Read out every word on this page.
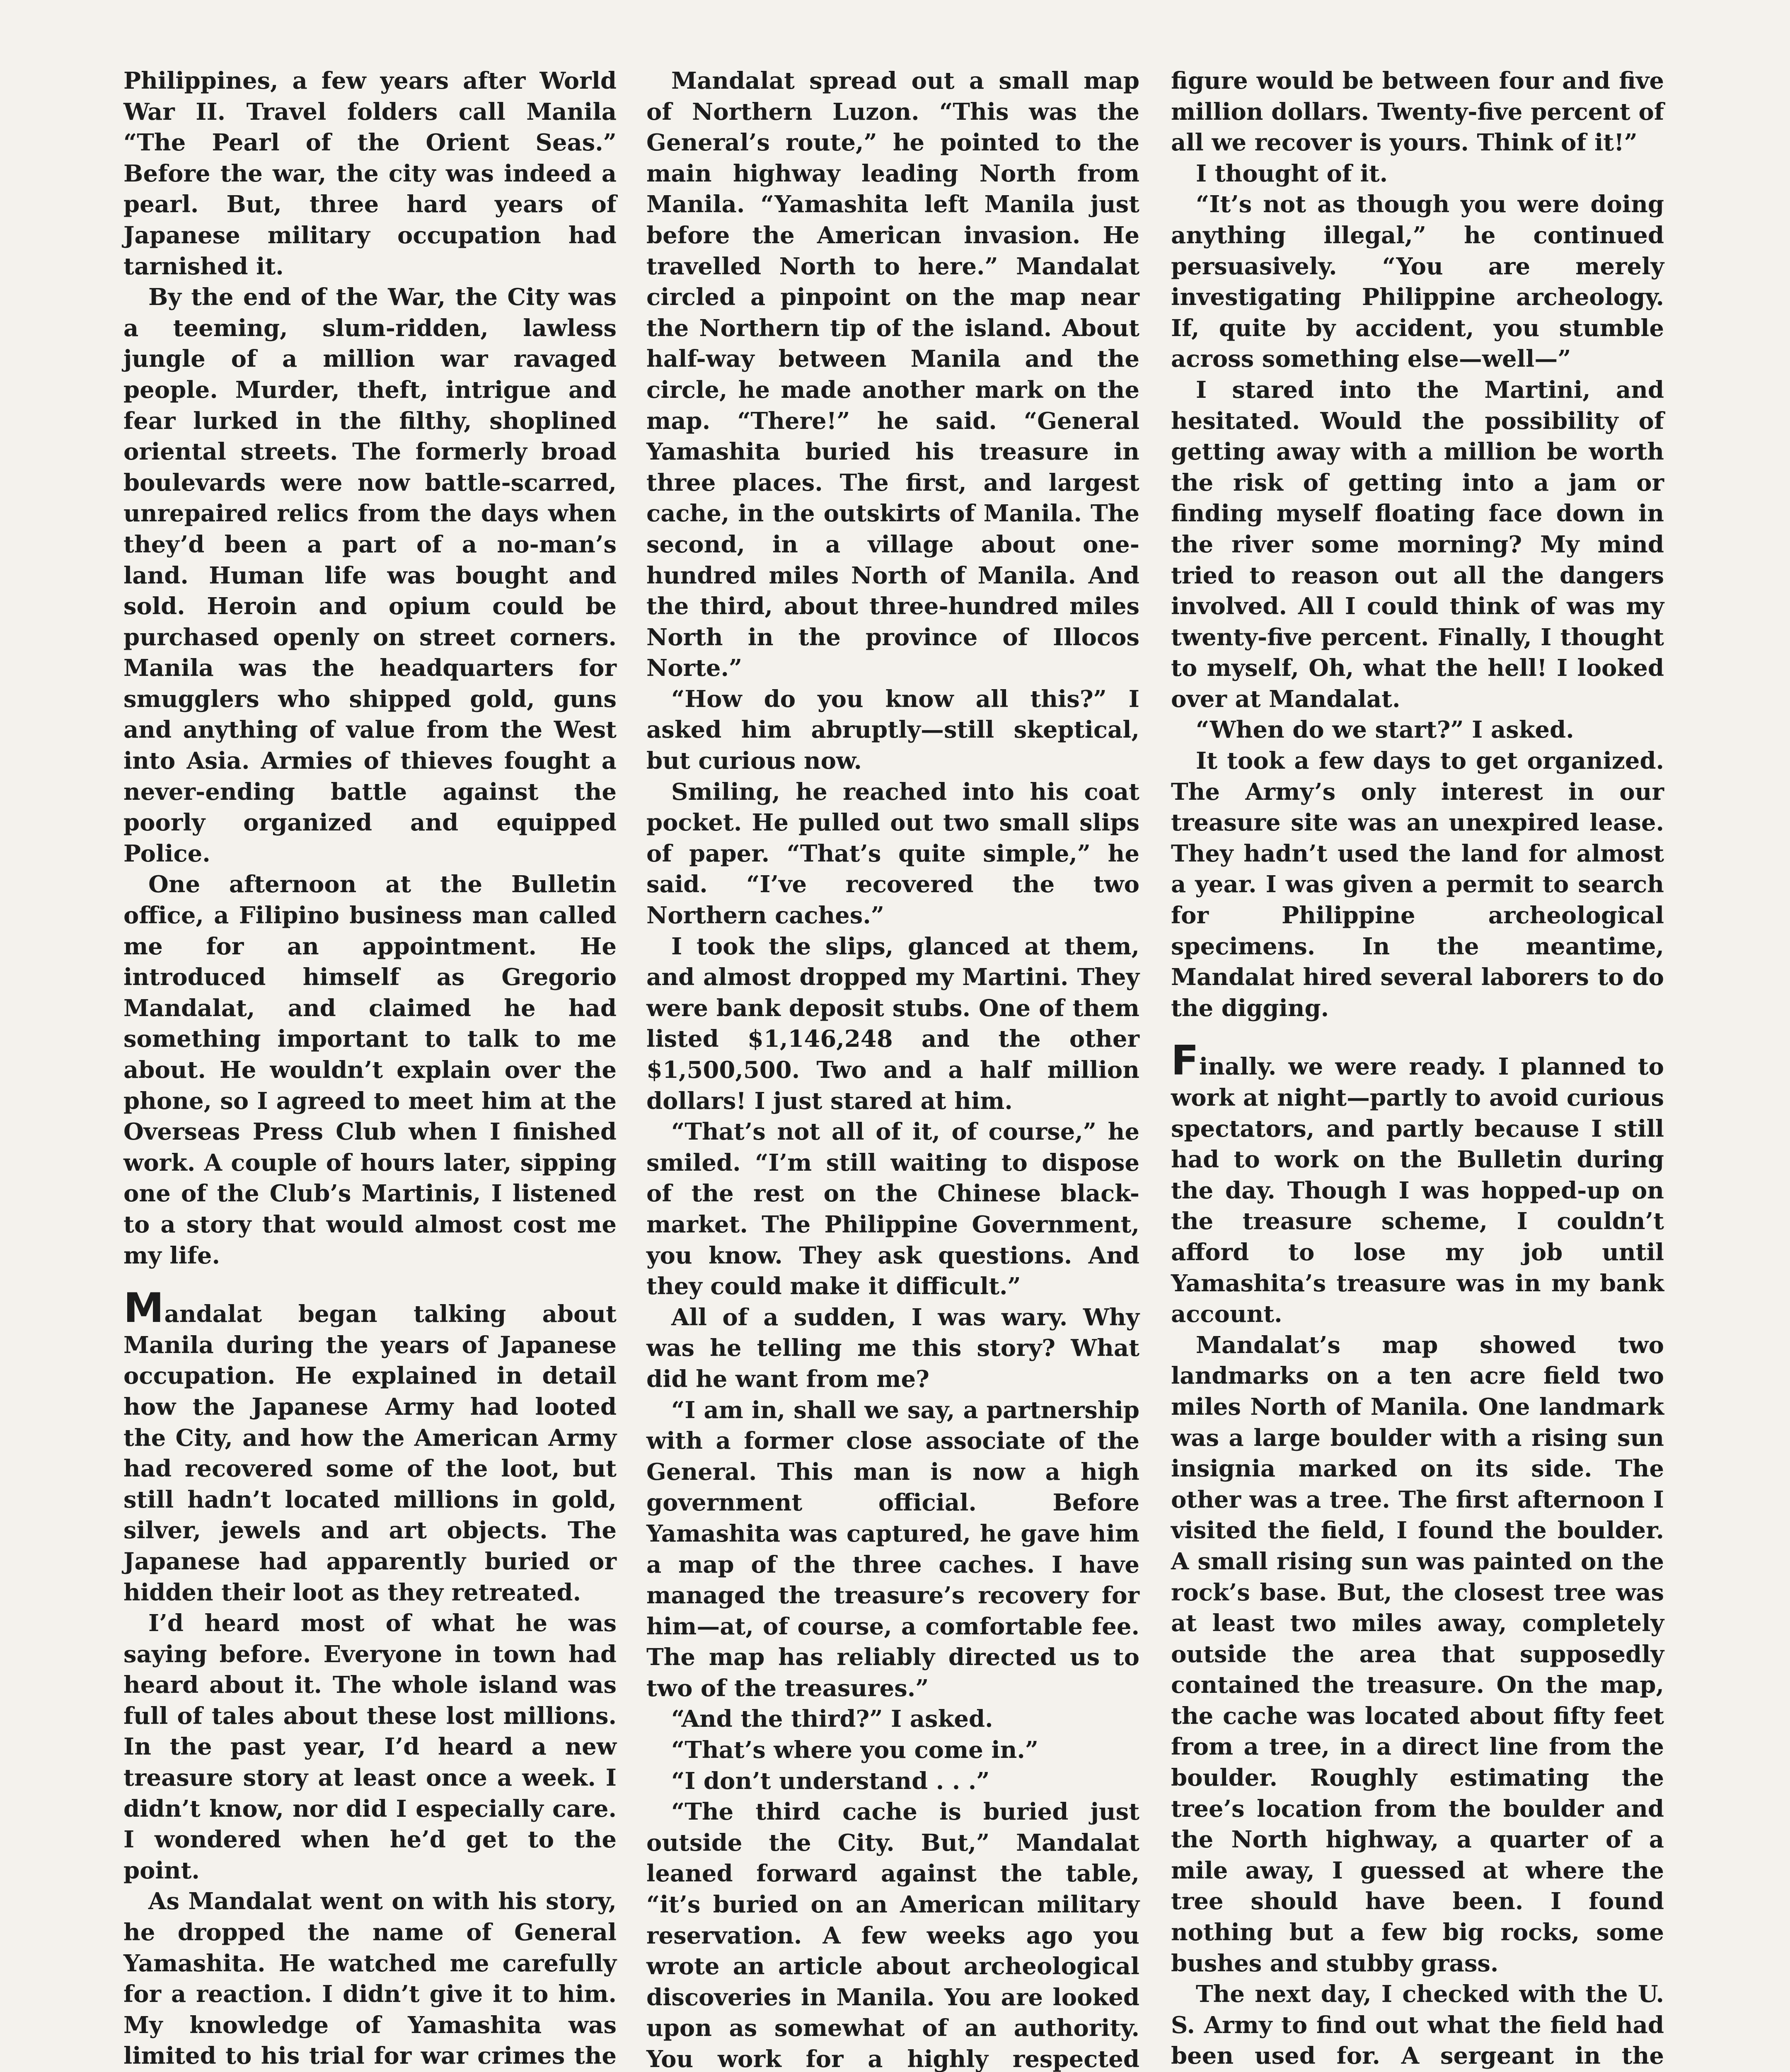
Philippines, a few years after World War II. Travel folders call Manila “The Pearl of the Orient Seas.” Before the war, the city was indeed a pearl. But, three hard years of Japanese military occupation had tarnished it.

By the end of the War, the City was a teeming, slum-ridden, lawless jungle of a million war ravaged people. Murder, theft, intrigue and fear lurked in the filthy, shoplined oriental streets. The formerly broad boulevards were now battle-scarred, unrepaired relics from the days when they’d been a part of a no-man’s land. Human life was bought and sold. Heroin and opium could be purchased openly on street corners. Manila was the headquarters for smugglers who shipped gold, guns and anything of value from the West into Asia. Armies of thieves fought a never-ending battle against the poorly organized and equipped Police.

One afternoon at the Bulletin office, a Filipino business man called me for an appointment. He introduced himself as Gregorio Mandalat, and claimed he had something important to talk to me about. He wouldn’t explain over the phone, so I agreed to meet him at the Overseas Press Club when I finished work. A couple of hours later, sipping one of the Club’s Martinis, I listened to a story that would almost cost me my life.

Mandalat began talking about Manila during the years of Japanese occupation. He explained in detail how the Japanese Army had looted the City, and how the American Army had recovered some of the loot, but still hadn’t located millions in gold, silver, jewels and art objects. The Japanese had apparently buried or hidden their loot as they retreated.

I’d heard most of what he was saying before. Everyone in town had heard about it. The whole island was full of tales about these lost millions. In the past year, I’d heard a new treasure story at least once a week. I didn’t know, nor did I especially care. I wondered when he’d get to the point.

As Mandalat went on with his story, he dropped the name of General Yamashita. He watched me carefully for a reaction. I didn’t give it to him. My knowledge of Yamashita was limited to his trial for war crimes the

Mandalat spread out a small map of Northern Luzon. “This was the General’s route,” he pointed to the main highway leading North from Manila. “Yamashita left Manila just before the American invasion. He travelled North to here.” Mandalat circled a pinpoint on the map near the Northern tip of the island. About half-way between Manila and the circle, he made another mark on the map. “There!” he said. “General Yamashita buried his treasure in three places. The first, and largest cache, in the outskirts of Manila. The second, in a village about one-hundred miles North of Manila. And the third, about three-hundred miles North in the province of Illocos Norte.”

“How do you know all this?” I asked him abruptly—still skeptical, but curious now.

Smiling, he reached into his coat pocket. He pulled out two small slips of paper. “That’s quite simple,” he said. “I’ve recovered the two Northern caches.”

I took the slips, glanced at them, and almost dropped my Martini. They were bank deposit stubs. One of them listed $1,146,248 and the other $1,500,500. Two and a half million dollars! I just stared at him.

“That’s not all of it, of course,” he smiled. “I’m still waiting to dispose of the rest on the Chinese black-market. The Philippine Government, you know. They ask questions. And they could make it difficult.”

All of a sudden, I was wary. Why was he telling me this story? What did he want from me?

“I am in, shall we say, a partnership with a former close associate of the General. This man is now a high government official. Before Yamashita was captured, he gave him a map of the three caches. I have managed the treasure’s recovery for him—at, of course, a comfortable fee. The map has reliably directed us to two of the treasures.”

“And the third?” I asked.

“That’s where you come in.”

“I don’t understand . . .”

“The third cache is buried just outside the City. But,” Mandalat leaned forward against the table, “it’s buried on an American military reservation. A few weeks ago you wrote an article about archeological discoveries in Manila. You are looked upon as somewhat of an authority. You work for a highly respected

figure would be between four and five million dollars. Twenty-five percent of all we recover is yours. Think of it!”

I thought of it.

“It’s not as though you were doing anything illegal,” he continued persuasively. “You are merely investigating Philippine archeology. If, quite by accident, you stumble across something else—well—”

I stared into the Martini, and hesitated. Would the possibility of getting away with a million be worth the risk of getting into a jam or finding myself floating face down in the river some morning? My mind tried to reason out all the dangers involved. All I could think of was my twenty-five percent. Finally, I thought to myself, Oh, what the hell! I looked over at Mandalat.

“When do we start?” I asked.

It took a few days to get organized. The Army’s only interest in our treasure site was an unexpired lease. They hadn’t used the land for almost a year. I was given a permit to search for Philippine archeological specimens. In the meantime, Mandalat hired several laborers to do the digging.

Finally. we were ready. I planned to work at night—partly to avoid curious spectators, and partly because I still had to work on the Bulletin during the day. Though I was hopped-up on the treasure scheme, I couldn’t afford to lose my job until Yamashita’s treasure was in my bank account.

Mandalat’s map showed two landmarks on a ten acre field two miles North of Manila. One landmark was a large boulder with a rising sun insignia marked on its side. The other was a tree. The first afternoon I visited the field, I found the boulder. A small rising sun was painted on the rock’s base. But, the closest tree was at least two miles away, completely outside the area that supposedly contained the treasure. On the map, the cache was located about fifty feet from a tree, in a direct line from the boulder. Roughly estimating the tree’s location from the boulder and the North highway, a quarter of a mile away, I guessed at where the tree should have been. I found nothing but a few big rocks, some bushes and stubby grass.

The next day, I checked with the U. S. Army to find out what the field had been used for. A sergeant in the
